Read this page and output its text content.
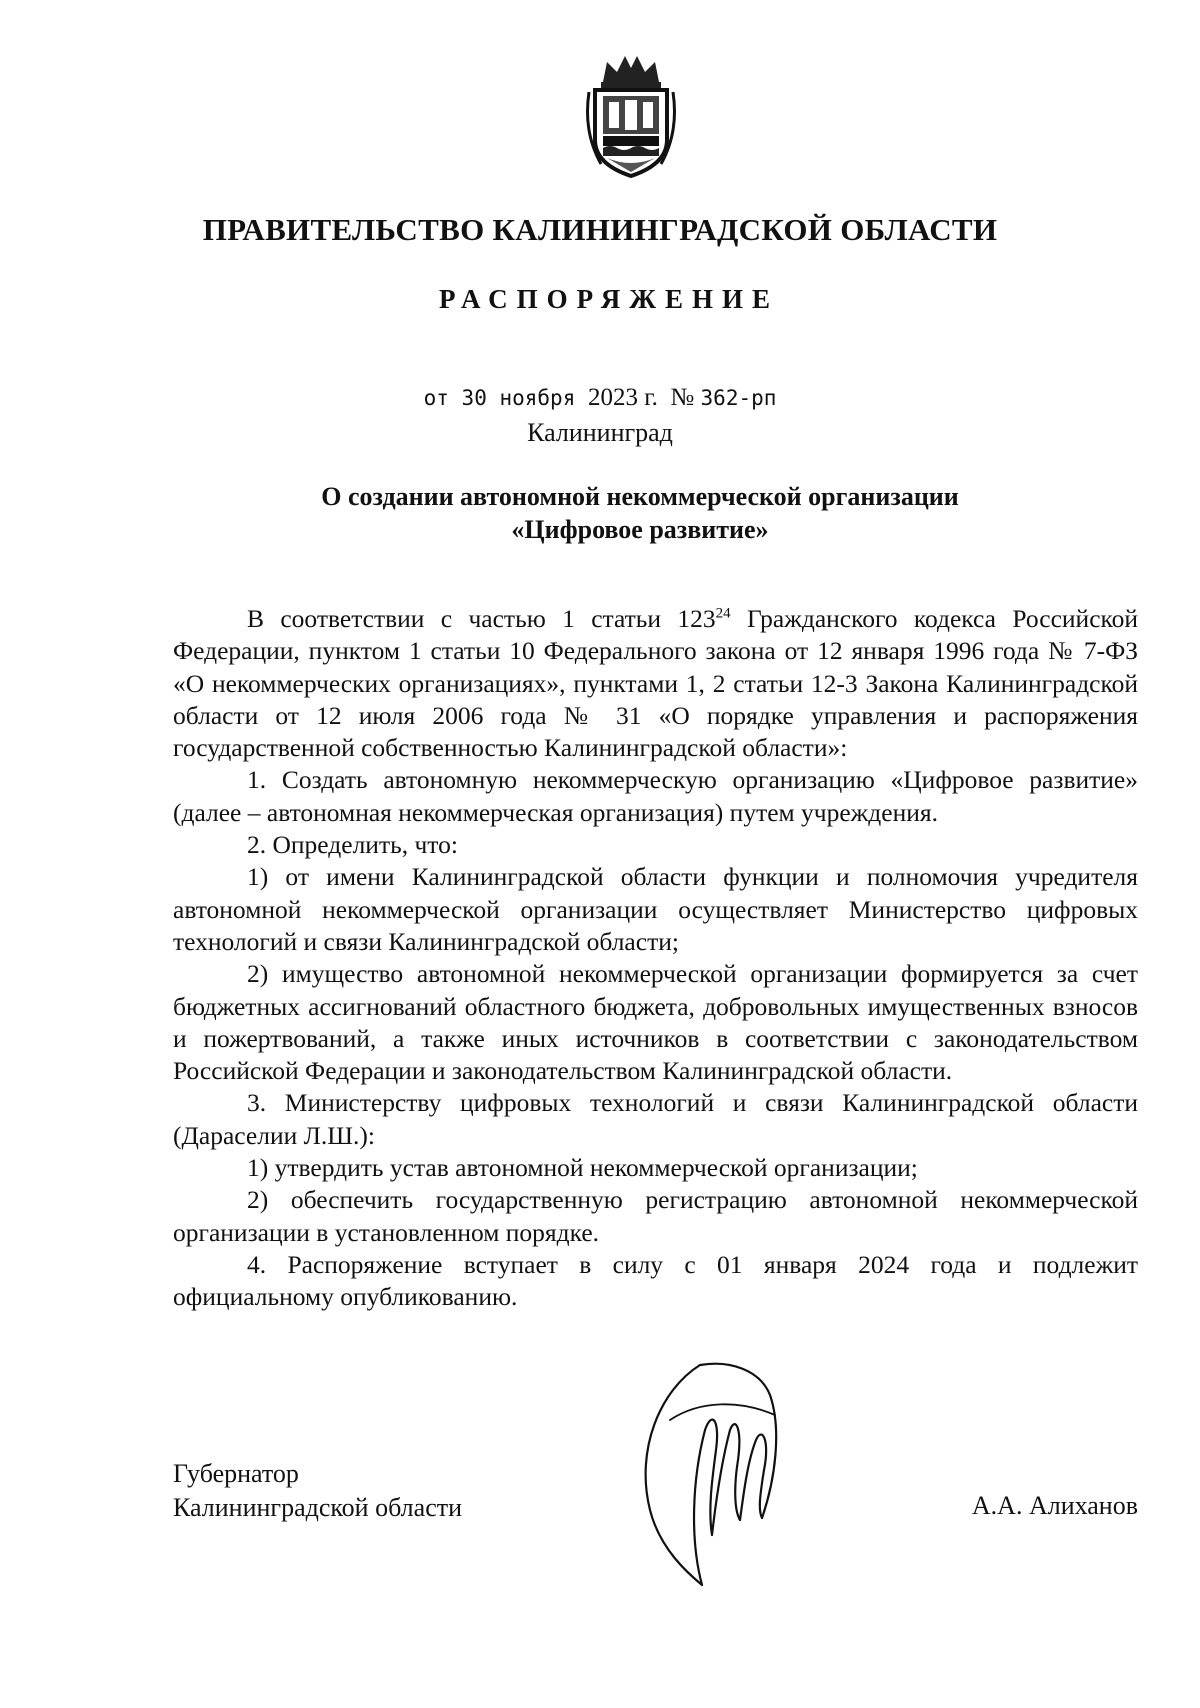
ПРАВИТЕЛЬСТВО КАЛИНИНГРАДСКОЙ ОБЛАСТИ
РАСПОРЯЖЕНИЕ
от 30 ноября 2023 г. № 362-рп
Калининград
О создании автономной некоммерческой организации
«Цифровое развитие»

В соответствии с частью 1 статьи $123^{24}$ Гражданского кодекса Российской Федерации, пунктом 1 статьи 10 Федерального закона от 12 января 1996 года № 7-ФЗ «О некоммерческих организациях», пунктами 1, 2 статьи 12-3 Закона Калининградской области от 12 июля 2006 года № 31 «О порядке управления и распоряжения государственной собственностью Калининградской области»:

1. Создать автономную некоммерческую организацию «Цифровое развитие» (далее – автономная некоммерческая организация) путем учреждения.

2. Определить, что:

1) от имени Калининградской области функции и полномочия учредителя автономной некоммерческой организации осуществляет Министерство цифровых технологий и связи Калининградской области;

2) имущество автономной некоммерческой организации формируется за счет бюджетных ассигнований областного бюджета, добровольных имущественных взносов и пожертвований, а также иных источников в соответствии с законодательством Российской Федерации и законодательством Калининградской области.

3. Министерству цифровых технологий и связи Калининградской области (Дараселии Л.Ш.):

1) утвердить устав автономной некоммерческой организации;

2) обеспечить государственную регистрацию автономной некоммерческой организации в установленном порядке.

4. Распоряжение вступает в силу с 01 января 2024 года и подлежит официальному опубликованию.

Губернатор
Калининградской области	А.А. Алиханов
